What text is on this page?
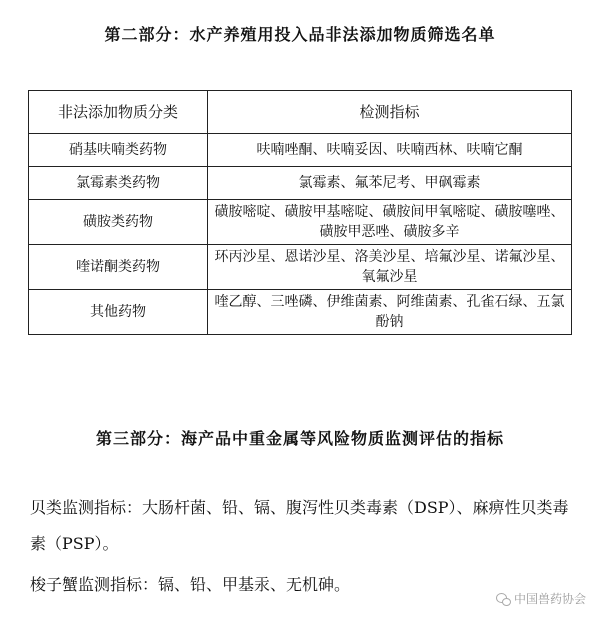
第二部分：水产养殖用投入品非法添加物质筛选名单
非法添加物质分类	检测指标
硝基呋喃类药物	呋喃唑酮、呋喃妥因、呋喃西林、呋喃它酮
氯霉素类药物	氯霉素、氟苯尼考、甲砜霉素
磺胺类药物	磺胺嘧啶、磺胺甲基嘧啶、磺胺间甲氧嘧啶、磺胺噻唑、磺胺甲恶唑、磺胺多辛
喹诺酮类药物	环丙沙星、恩诺沙星、洛美沙星、培氟沙星、诺氟沙星、氧氟沙星
其他药物	喹乙醇、三唑磷、伊维菌素、阿维菌素、孔雀石绿、五氯酚钠
第三部分：海产品中重金属等风险物质监测评估的指标
贝类监测指标：大肠杆菌、铅、镉、腹泻性贝类毒素（DSP）、麻痹性贝类毒素（PSP）。
梭子蟹监测指标：镉、铅、甲基汞、无机砷。
中国兽药协会
